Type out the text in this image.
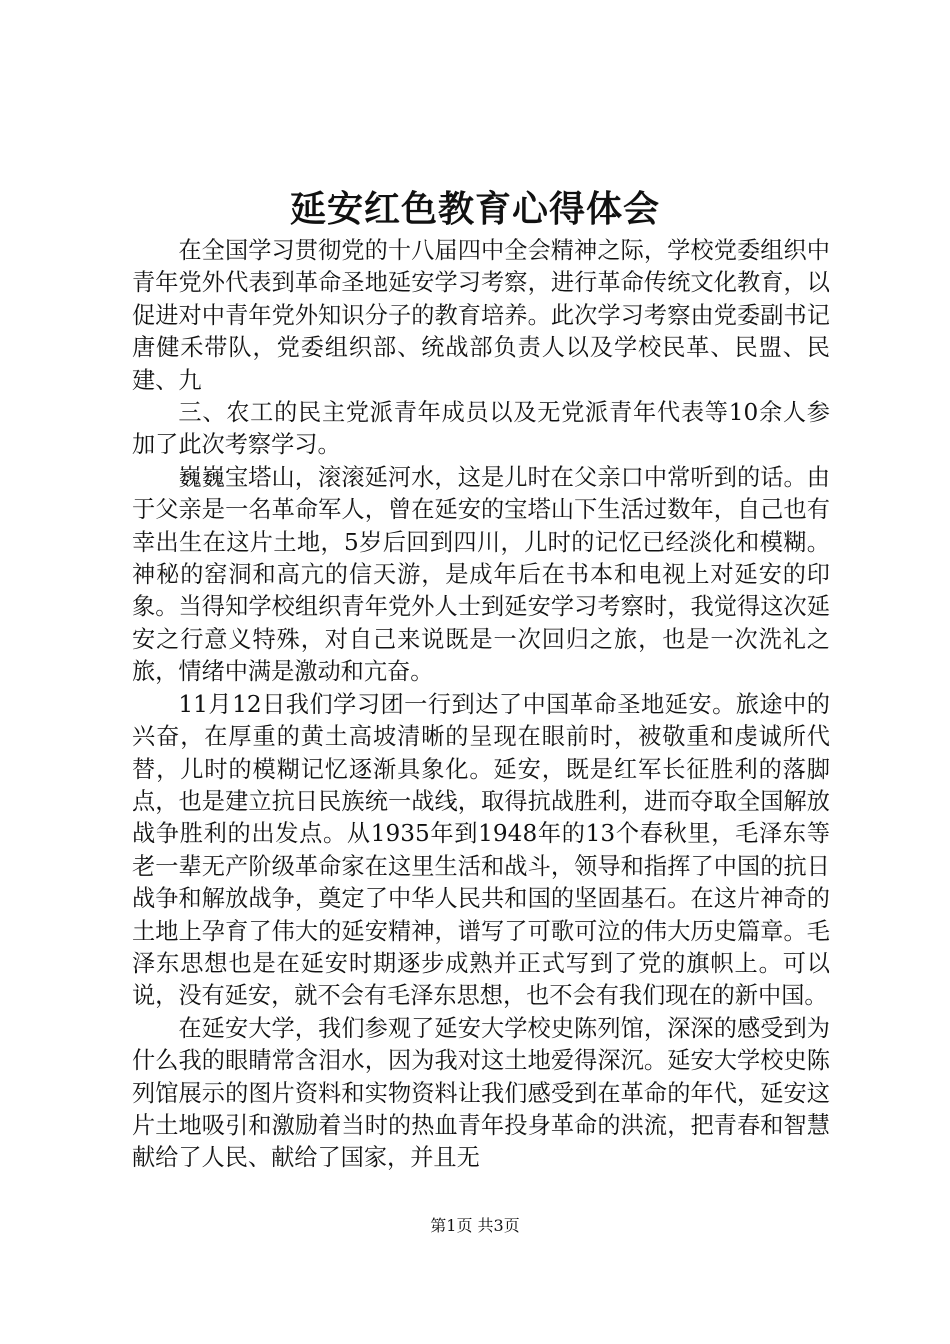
延安红色教育心得体会

在全国学习贯彻党的十八届四中全会精神之际，学校党委组织中青年党外代表到革命圣地延安学习考察，进行革命传统文化教育，以促进对中青年党外知识分子的教育培养。此次学习考察由党委副书记唐健禾带队，党委组织部、统战部负责人以及学校民革、民盟、民建、九

三、农工的民主党派青年成员以及无党派青年代表等10余人参加了此次考察学习。

巍巍宝塔山，滚滚延河水，这是儿时在父亲口中常听到的话。由于父亲是一名革命军人，曾在延安的宝塔山下生活过数年，自己也有幸出生在这片土地，5岁后回到四川，儿时的记忆已经淡化和模糊。神秘的窑洞和高亢的信天游，是成年后在书本和电视上对延安的印象。当得知学校组织青年党外人士到延安学习考察时，我觉得这次延安之行意义特殊，对自己来说既是一次回归之旅，也是一次洗礼之旅，情绪中满是激动和亢奋。

11月12日我们学习团一行到达了中国革命圣地延安。旅途中的兴奋，在厚重的黄土高坡清晰的呈现在眼前时，被敬重和虔诚所代替，儿时的模糊记忆逐渐具象化。延安，既是红军长征胜利的落脚点，也是建立抗日民族统一战线，取得抗战胜利，进而夺取全国解放战争胜利的出发点。从1935年到1948年的13个春秋里，毛泽东等老一辈无产阶级革命家在这里生活和战斗，领导和指挥了中国的抗日战争和解放战争，奠定了中华人民共和国的坚固基石。在这片神奇的土地上孕育了伟大的延安精神，谱写了可歌可泣的伟大历史篇章。毛泽东思想也是在延安时期逐步成熟并正式写到了党的旗帜上。可以说，没有延安，就不会有毛泽东思想，也不会有我们现在的新中国。

在延安大学，我们参观了延安大学校史陈列馆，深深的感受到为什么我的眼睛常含泪水，因为我对这土地爱得深沉。延安大学校史陈列馆展示的图片资料和实物资料让我们感受到在革命的年代，延安这片土地吸引和激励着当时的热血青年投身革命的洪流，把青春和智慧献给了人民、献给了国家，并且无

第1页 共3页
